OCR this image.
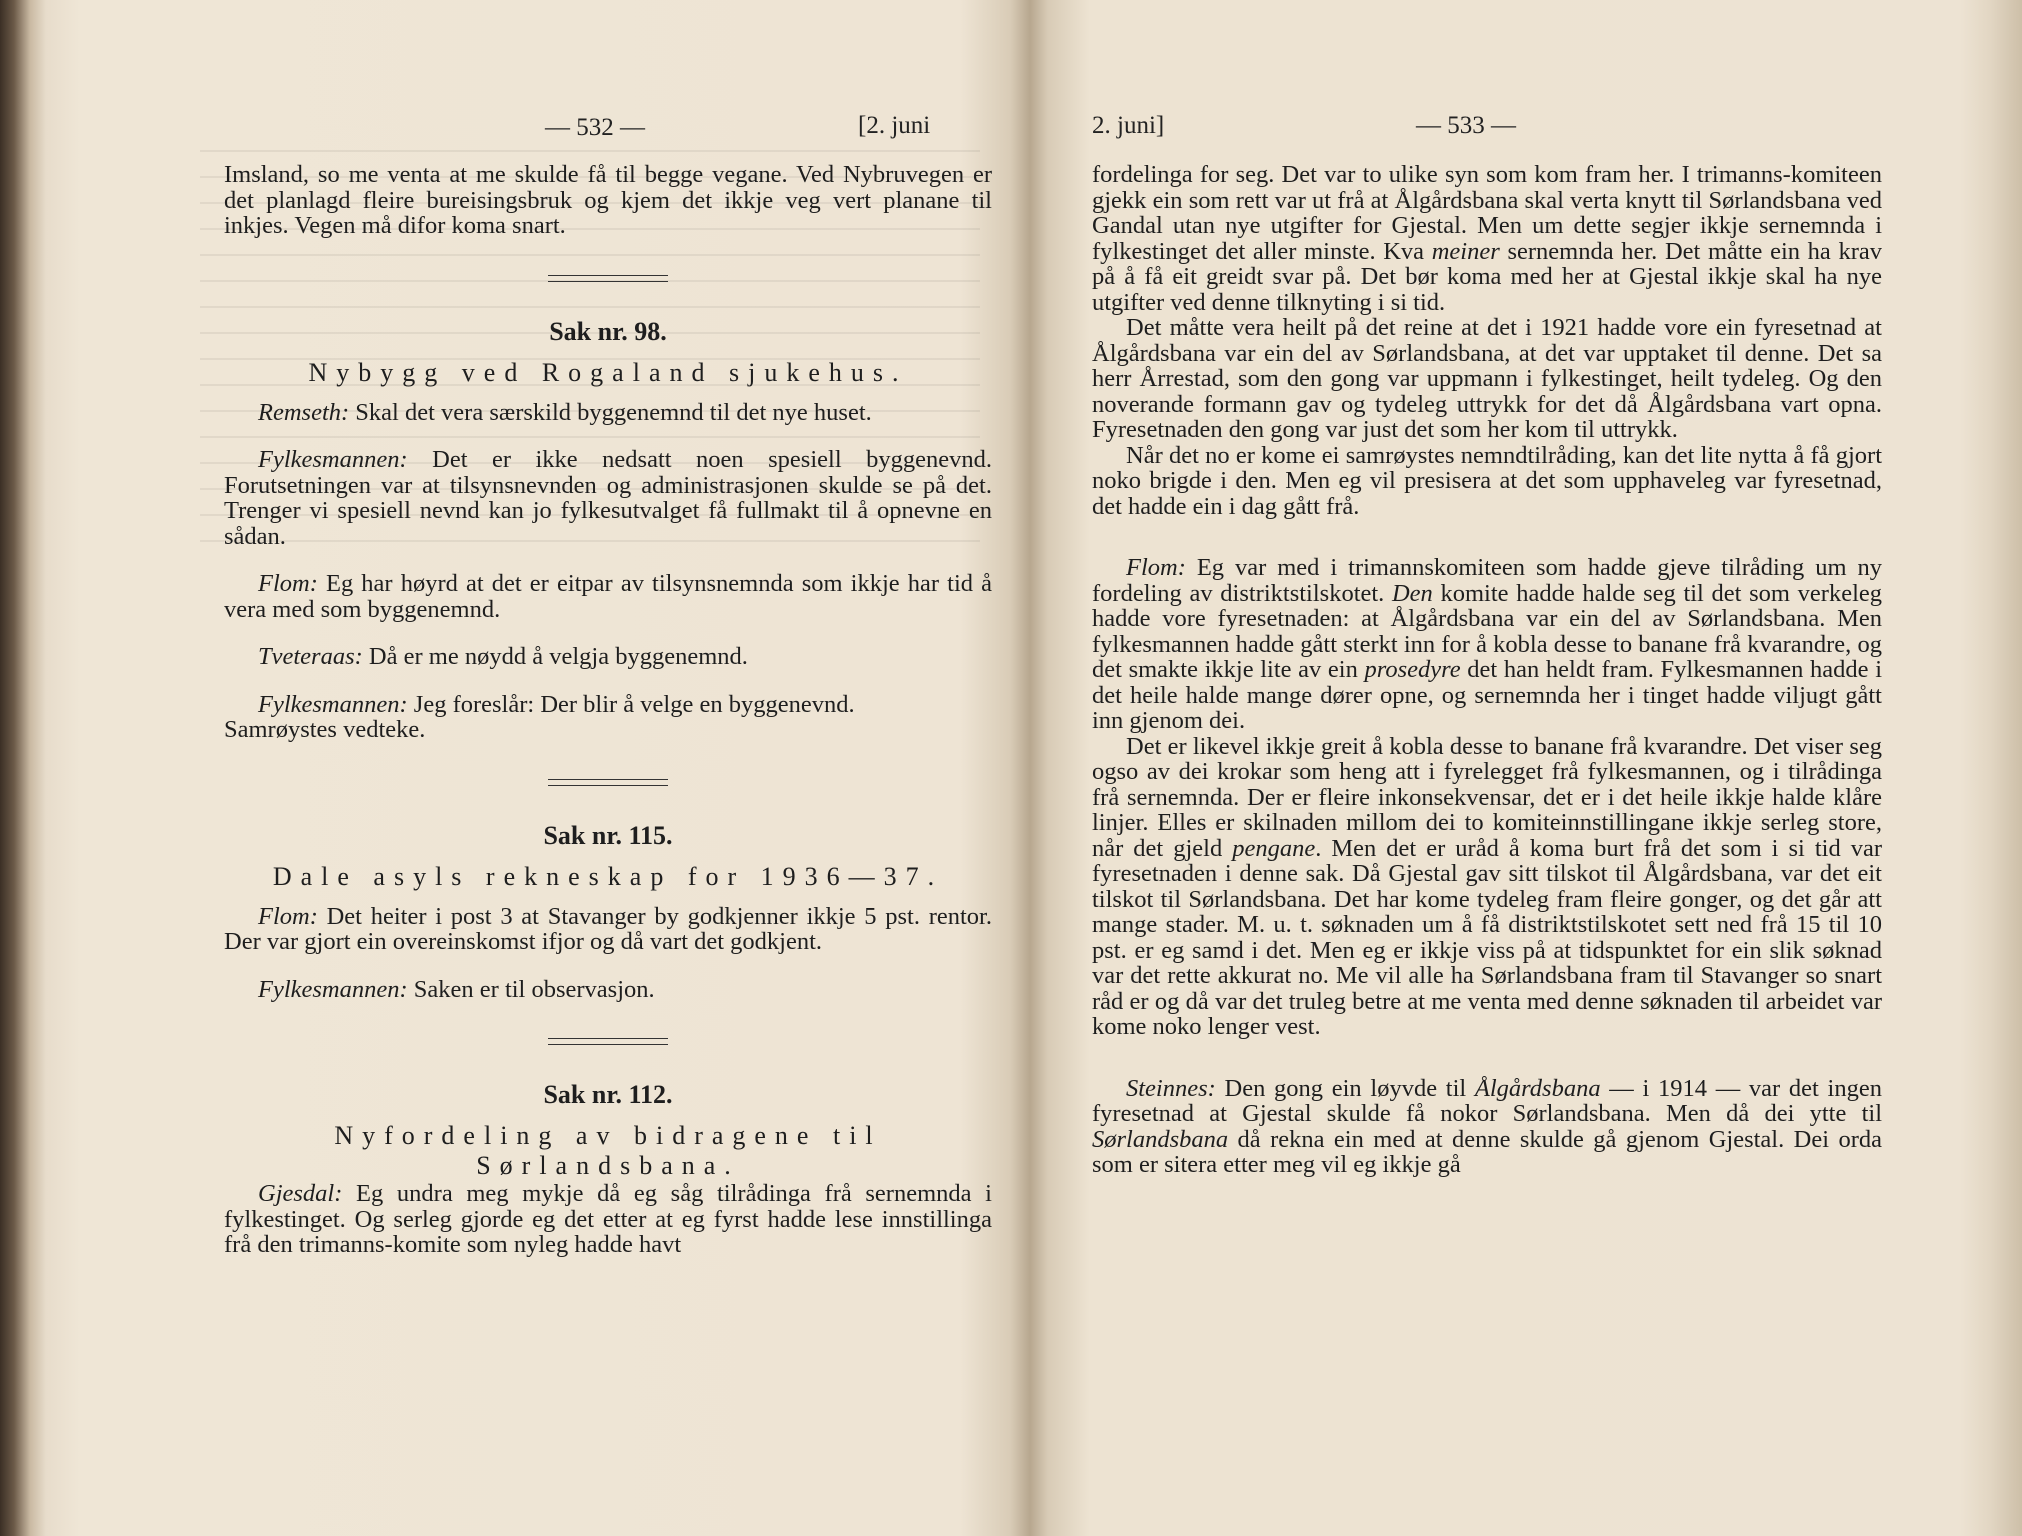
— 532 —	[2. juni

Imsland, so me venta at me skulde få til begge vegane. Ved Nybruvegen er det planlagd fleire bureisingsbruk og kjem det ikkje veg vert planane til inkjes. Vegen må difor koma snart.

Sak nr. 98.
Nybygg ved Rogaland sjukehus.

Remseth: Skal det vera særskild byggenemnd til det nye huset.

Fylkesmannen: Det er ikke nedsatt noen spesiell byggenevnd. Forutsetningen var at tilsynsnevnden og administrasjonen skulde se på det. Trenger vi spesiell nevnd kan jo fylkesutvalget få fullmakt til å opnevne en sådan.

Flom: Eg har høyrd at det er eitpar av tilsynsnemnda som ikkje har tid å vera med som byggenemnd.

Tveteraas: Då er me nøydd å velgja byggenemnd.

Fylkesmannen: Jeg foreslår: Der blir å velge en byggenevnd.

Samrøystes vedteke.

Sak nr. 115.
Dale asyls rekneskap for 1936—37.

Flom: Det heiter i post 3 at Stavanger by godkjenner ikkje 5 pst. rentor. Der var gjort ein overeinskomst ifjor og då vart det godkjent.

Fylkesmannen: Saken er til observasjon.

Sak nr. 112.
Nyfordeling av bidragene til Sørlandsbana.

Gjesdal: Eg undra meg mykje då eg såg tilrådinga frå sernemnda i fylkestinget. Og serleg gjorde eg det etter at eg fyrst hadde lese innstillinga frå den trimanns-komite som nyleg hadde havt

2. juni]	— 533 —

fordelinga for seg. Det var to ulike syn som kom fram her. I trimanns-komiteen gjekk ein som rett var ut frå at Ålgårdsbana skal verta knytt til Sørlandsbana ved Gandal utan nye utgifter for Gjestal. Men um dette segjer ikkje sernemnda i fylkestinget det aller minste. Kva meiner sernemnda her. Det måtte ein ha krav på å få eit greidt svar på. Det bør koma med her at Gjestal ikkje skal ha nye utgifter ved denne tilknyting i si tid.

Det måtte vera heilt på det reine at det i 1921 hadde vore ein fyresetnad at Ålgårdsbana var ein del av Sørlandsbana, at det var upptaket til denne. Det sa herr Årrestad, som den gong var uppmann i fylkestinget, heilt tydeleg. Og den noverande formann gav og tydeleg uttrykk for det då Ålgårdsbana vart opna. Fyresetnaden den gong var just det som her kom til uttrykk.

Når det no er kome ei samrøystes nemndtilråding, kan det lite nytta å få gjort noko brigde i den. Men eg vil presisera at det som upphaveleg var fyresetnad, det hadde ein i dag gått frå.

Flom: Eg var med i trimannskomiteen som hadde gjeve tilråding um ny fordeling av distriktstilskotet. Den komite hadde halde seg til det som verkeleg hadde vore fyresetnaden: at Ålgårdsbana var ein del av Sørlandsbana. Men fylkesmannen hadde gått sterkt inn for å kobla desse to banane frå kvarandre, og det smakte ikkje lite av ein prosedyre det han heldt fram. Fylkesmannen hadde i det heile halde mange dører opne, og sernemnda her i tinget hadde viljugt gått inn gjenom dei.

Det er likevel ikkje greit å kobla desse to banane frå kvarandre. Det viser seg ogso av dei krokar som heng att i fyrelegget frå fylkesmannen, og i tilrådinga frå sernemnda. Der er fleire inkonsekvensar, det er i det heile ikkje halde klåre linjer. Elles er skilnaden millom dei to komiteinnstillingane ikkje serleg store, når det gjeld pengane. Men det er uråd å koma burt frå det som i si tid var fyresetnaden i denne sak. Då Gjestal gav sitt tilskot til Ålgårdsbana, var det eit tilskot til Sørlandsbana. Det har kome tydeleg fram fleire gonger, og det går att mange stader. M. u. t. søknaden um å få distriktstilskotet sett ned frå 15 til 10 pst. er eg samd i det. Men eg er ikkje viss på at tidspunktet for ein slik søknad var det rette akkurat no. Me vil alle ha Sørlandsbana fram til Stavanger so snart råd er og då var det truleg betre at me venta med denne søknaden til arbeidet var kome noko lenger vest.

Steinnes: Den gong ein løyvde til Ålgårdsbana — i 1914 — var det ingen fyresetnad at Gjestal skulde få nokor Sørlandsbana. Men då dei ytte til Sørlandsbana då rekna ein med at denne skulde gå gjenom Gjestal. Dei orda som er sitera etter meg vil eg ikkje gå
